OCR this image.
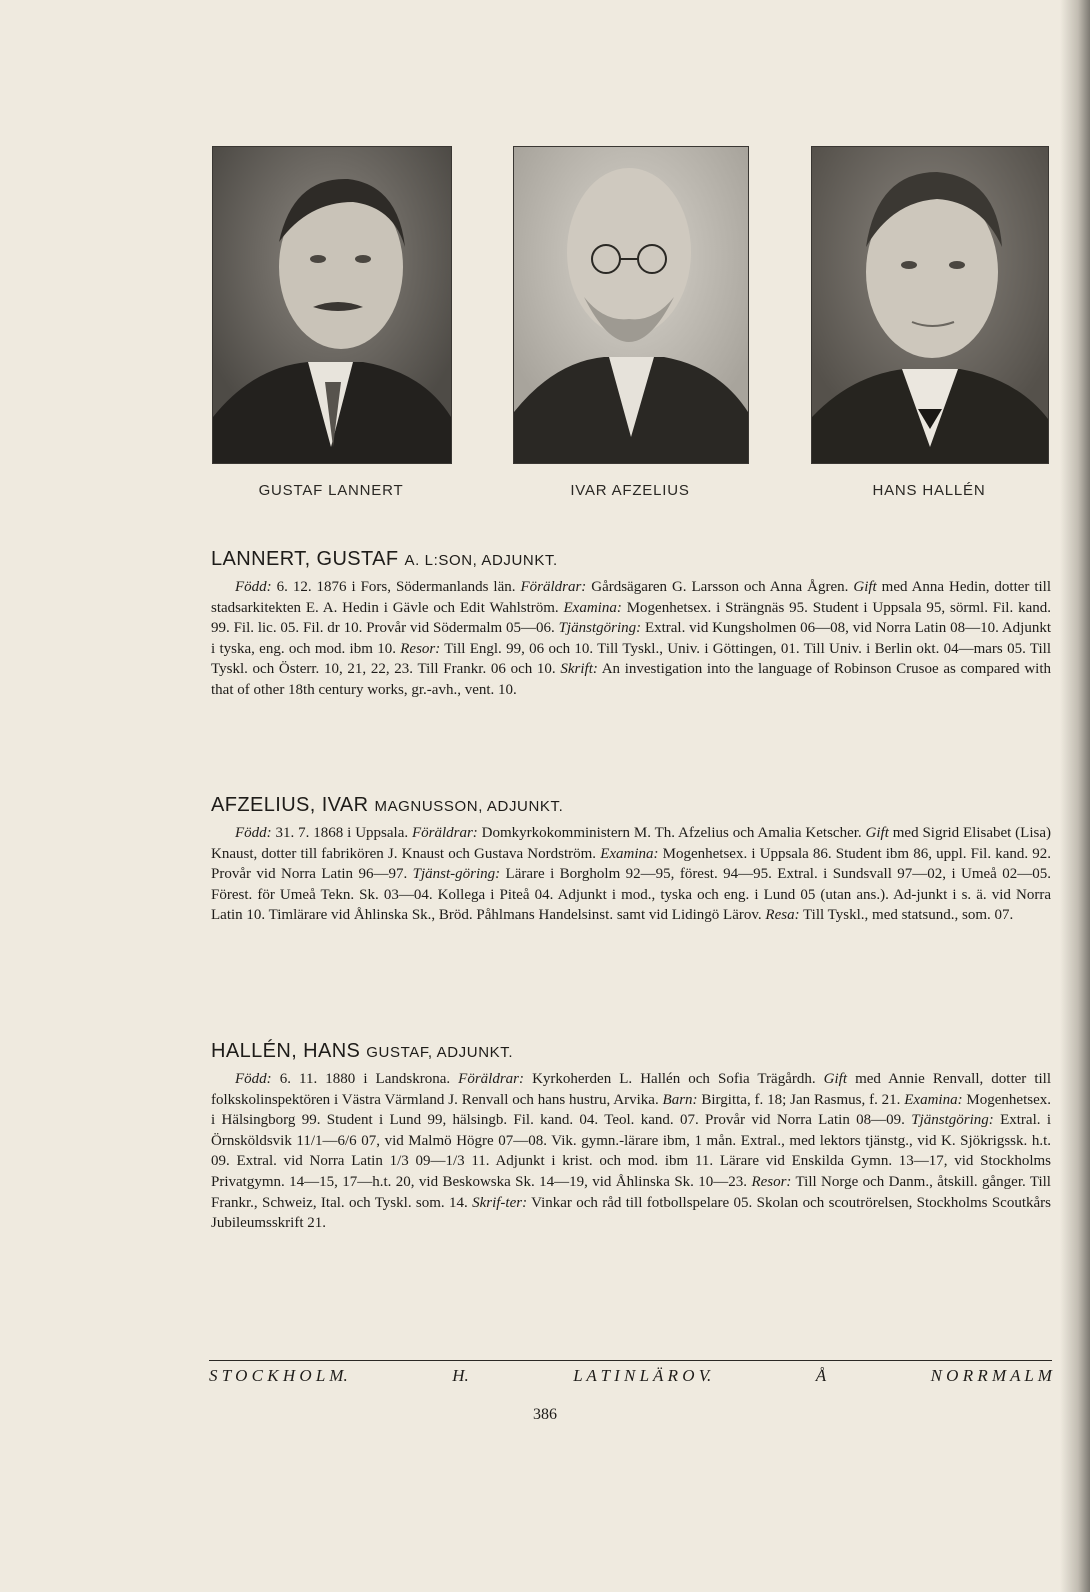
GUSTAF LANNERT	IVAR AFZELIUS	HANS HALLÉN
LANNERT, GUSTAF A. L:SON, ADJUNKT.

Född: 6. 12. 1876 i Fors, Södermanlands län. Föräldrar: Gårdsägaren G. Larsson och Anna Ågren. Gift med Anna Hedin, dotter till stadsarkitekten E. A. Hedin i Gävle och Edit Wahlström. Examina: Mogenhetsex. i Strängnäs 95. Student i Uppsala 95, sörml. Fil. kand. 99. Fil. lic. 05. Fil. dr 10. Provår vid Södermalm 05—06. Tjänstgöring: Extral. vid Kungsholmen 06—08, vid Norra Latin 08—10. Adjunkt i tyska, eng. och mod. ibm 10. Resor: Till Engl. 99, 06 och 10. Till Tyskl., Univ. i Göttingen, 01. Till Univ. i Berlin okt. 04—mars 05. Till Tyskl. och Österr. 10, 21, 22, 23. Till Frankr. 06 och 10. Skrift: An investigation into the language of Robinson Crusoe as compared with that of other 18th century works, gr.-avh., vent. 10.

AFZELIUS, IVAR MAGNUSSON, ADJUNKT.

Född: 31. 7. 1868 i Uppsala. Föräldrar: Domkyrkokomministern M. Th. Afzelius och Amalia Ketscher. Gift med Sigrid Elisabet (Lisa) Knaust, dotter till fabrikören J. Knaust och Gustava Nordström. Examina: Mogenhetsex. i Uppsala 86. Student ibm 86, uppl. Fil. kand. 92. Provår vid Norra Latin 96—97. Tjänst-göring: Lärare i Borgholm 92—95, förest. 94—95. Extral. i Sundsvall 97—02, i Umeå 02—05. Förest. för Umeå Tekn. Sk. 03—04. Kollega i Piteå 04. Adjunkt i mod., tyska och eng. i Lund 05 (utan ans.). Ad-junkt i s. ä. vid Norra Latin 10. Timlärare vid Åhlinska Sk., Bröd. Påhlmans Handelsinst. samt vid Lidingö Lärov. Resa: Till Tyskl., med statsund., som. 07.

HALLÉN, HANS GUSTAF, ADJUNKT.

Född: 6. 11. 1880 i Landskrona. Föräldrar: Kyrkoherden L. Hallén och Sofia Trägårdh. Gift med Annie Renvall, dotter till folkskolinspektören i Västra Värmland J. Renvall och hans hustru, Arvika. Barn: Birgitta, f. 18; Jan Rasmus, f. 21. Examina: Mogenhetsex. i Hälsingborg 99. Student i Lund 99, hälsingb. Fil. kand. 04. Teol. kand. 07. Provår vid Norra Latin 08—09. Tjänstgöring: Extral. i Örnsköldsvik 11/1—6/6 07, vid Malmö Högre 07—08. Vik. gymn.-lärare ibm, 1 mån. Extral., med lektors tjänstg., vid K. Sjökrigssk. h.t. 09. Extral. vid Norra Latin 1/3 09—1/3 11. Adjunkt i krist. och mod. ibm 11. Lärare vid Enskilda Gymn. 13—17, vid Stockholms Privatgymn. 14—15, 17—h.t. 20, vid Beskowska Sk. 14—19, vid Åhlinska Sk. 10—23. Resor: Till Norge och Danm., åtskill. gånger. Till Frankr., Schweiz, Ital. och Tyskl. som. 14. Skrif-ter: Vinkar och råd till fotbollspelare 05. Skolan och scoutrörelsen, Stockholms Scoutkårs Jubileumsskrift 21.

S T O C K H O L M.	H.	L A T I N L Ä R O V.	Å	N O R R M A L M
386
